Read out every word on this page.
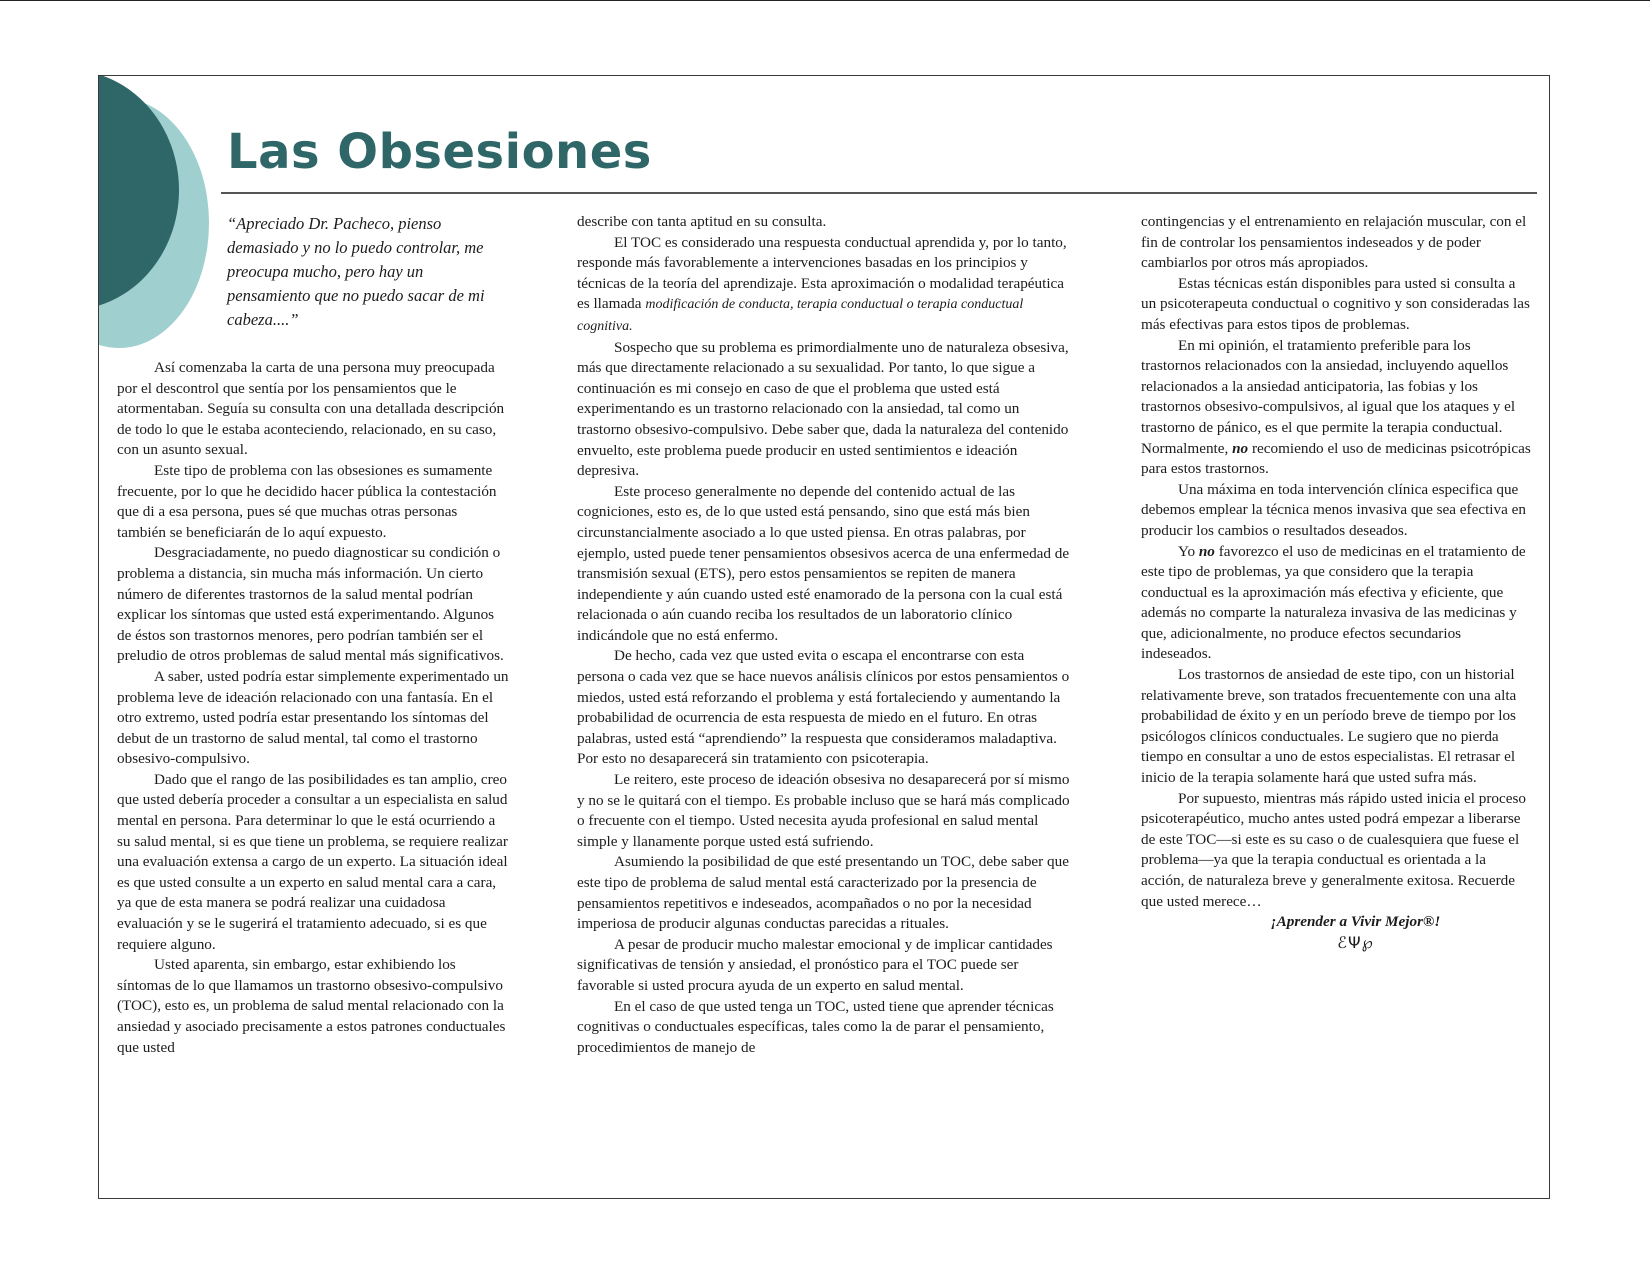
Las Obsesiones

“Apreciado Dr. Pacheco, pienso demasiado y no lo puedo controlar, me preocupa mucho, pero hay un pensamiento que no puedo sacar de mi cabeza....”

Así comenzaba la carta de una persona muy preocupada por el descontrol que sentía por los pensamientos que le atormentaban. Seguía su consulta con una detallada descripción de todo lo que le estaba aconteciendo, relacionado, en su caso, con un asunto sexual.

Este tipo de problema con las obsesiones es sumamente frecuente, por lo que he decidido hacer pública la contestación que di a esa persona, pues sé que muchas otras personas también se beneficiarán de lo aquí expuesto.

Desgraciadamente, no puedo diagnosticar su condición o problema a distancia, sin mucha más información. Un cierto número de diferentes trastornos de la salud mental podrían explicar los síntomas que usted está experimentando. Algunos de éstos son trastornos menores, pero podrían también ser el preludio de otros problemas de salud mental más significativos.

A saber, usted podría estar simplemente experimentado un problema leve de ideación relacionado con una fantasía. En el otro extremo, usted podría estar presentando los síntomas del debut de un trastorno de salud mental, tal como el trastorno obsesivo-compulsivo.

Dado que el rango de las posibilidades es tan amplio, creo que usted debería proceder a consultar a un especialista en salud mental en persona. Para determinar lo que le está ocurriendo a su salud mental, si es que tiene un problema, se requiere realizar una evaluación extensa a cargo de un experto. La situación ideal es que usted consulte a un experto en salud mental cara a cara, ya que de esta manera se podrá realizar una cuidadosa evaluación y se le sugerirá el tratamiento adecuado, si es que requiere alguno.

Usted aparenta, sin embargo, estar exhibiendo los síntomas de lo que llamamos un trastorno obsesivo-compulsivo (TOC), esto es, un problema de salud mental relacionado con la ansiedad y asociado precisamente a estos patrones conductuales que usted

describe con tanta aptitud en su consulta.

El TOC es considerado una respuesta conductual aprendida y, por lo tanto, responde más favorablemente a intervenciones basadas en los principios y técnicas de la teoría del aprendizaje. Esta aproximación o modalidad terapéutica es llamada modificación de conducta, terapia conductual o terapia conductual cognitiva.

Sospecho que su problema es primordialmente uno de naturaleza obsesiva, más que directamente relacionado a su sexualidad. Por tanto, lo que sigue a continuación es mi consejo en caso de que el problema que usted está experimentando es un trastorno relacionado con la ansiedad, tal como un trastorno obsesivo-compulsivo. Debe saber que, dada la naturaleza del contenido envuelto, este problema puede producir en usted sentimientos e ideación depresiva.

Este proceso generalmente no depende del contenido actual de las cogniciones, esto es, de lo que usted está pensando, sino que está más bien circunstancialmente asociado a lo que usted piensa. En otras palabras, por ejemplo, usted puede tener pensamientos obsesivos acerca de una enfermedad de transmisión sexual (ETS), pero estos pensamientos se repiten de manera independiente y aún cuando usted esté enamorado de la persona con la cual está relacionada o aún cuando reciba los resultados de un laboratorio clínico indicándole que no está enfermo.

De hecho, cada vez que usted evita o escapa el encontrarse con esta persona o cada vez que se hace nuevos análisis clínicos por estos pensamientos o miedos, usted está reforzando el problema y está fortaleciendo y aumentando la probabilidad de ocurrencia de esta respuesta de miedo en el futuro. En otras palabras, usted está “aprendiendo” la respuesta que consideramos maladaptiva. Por esto no desaparecerá sin tratamiento con psicoterapia.

Le reitero, este proceso de ideación obsesiva no desaparecerá por sí mismo y no se le quitará con el tiempo. Es probable incluso que se hará más complicado o frecuente con el tiempo. Usted necesita ayuda profesional en salud mental simple y llanamente porque usted está sufriendo.

Asumiendo la posibilidad de que esté presentando un TOC, debe saber que este tipo de problema de salud mental está caracterizado por la presencia de pensamientos repetitivos e indeseados, acompañados o no por la necesidad imperiosa de producir algunas conductas parecidas a rituales.

A pesar de producir mucho malestar emocional y de implicar cantidades significativas de tensión y ansiedad, el pronóstico para el TOC puede ser favorable si usted procura ayuda de un experto en salud mental.

En el caso de que usted tenga un TOC, usted tiene que aprender técnicas cognitivas o conductuales específicas, tales como la de parar el pensamiento, procedimientos de manejo de

contingencias y el entrenamiento en relajación muscular, con el fin de controlar los pensamientos indeseados y de poder cambiarlos por otros más apropiados.

Estas técnicas están disponibles para usted si consulta a un psicoterapeuta conductual o cognitivo y son consideradas las más efectivas para estos tipos de problemas.

En mi opinión, el tratamiento preferible para los trastornos relacionados con la ansiedad, incluyendo aquellos relacionados a la ansiedad anticipatoria, las fobias y los trastornos obsesivo-compulsivos, al igual que los ataques y el trastorno de pánico, es el que permite la terapia conductual. Normalmente, no recomiendo el uso de medicinas psicotrópicas para estos trastornos.

Una máxima en toda intervención clínica especifica que debemos emplear la técnica menos invasiva que sea efectiva en producir los cambios o resultados deseados.

Yo no favorezco el uso de medicinas en el tratamiento de este tipo de problemas, ya que considero que la terapia conductual es la aproximación más efectiva y eficiente, que además no comparte la naturaleza invasiva de las medicinas y que, adicionalmente, no produce efectos secundarios indeseados.

Los trastornos de ansiedad de este tipo, con un historial relativamente breve, son tratados frecuentemente con una alta probabilidad de éxito y en un período breve de tiempo por los psicólogos clínicos conductuales. Le sugiero que no pierda tiempo en consultar a uno de estos especialistas. El retrasar el inicio de la terapia solamente hará que usted sufra más.

Por supuesto, mientras más rápido usted inicia el proceso psicoterapéutico, mucho antes usted podrá empezar a liberarse de este TOC—si este es su caso o de cualesquiera que fuese el problema—ya que la terapia conductual es orientada a la acción, de naturaleza breve y generalmente exitosa. Recuerde que usted merece…

¡Aprender a Vivir Mejor®!

ℰΨ℘
